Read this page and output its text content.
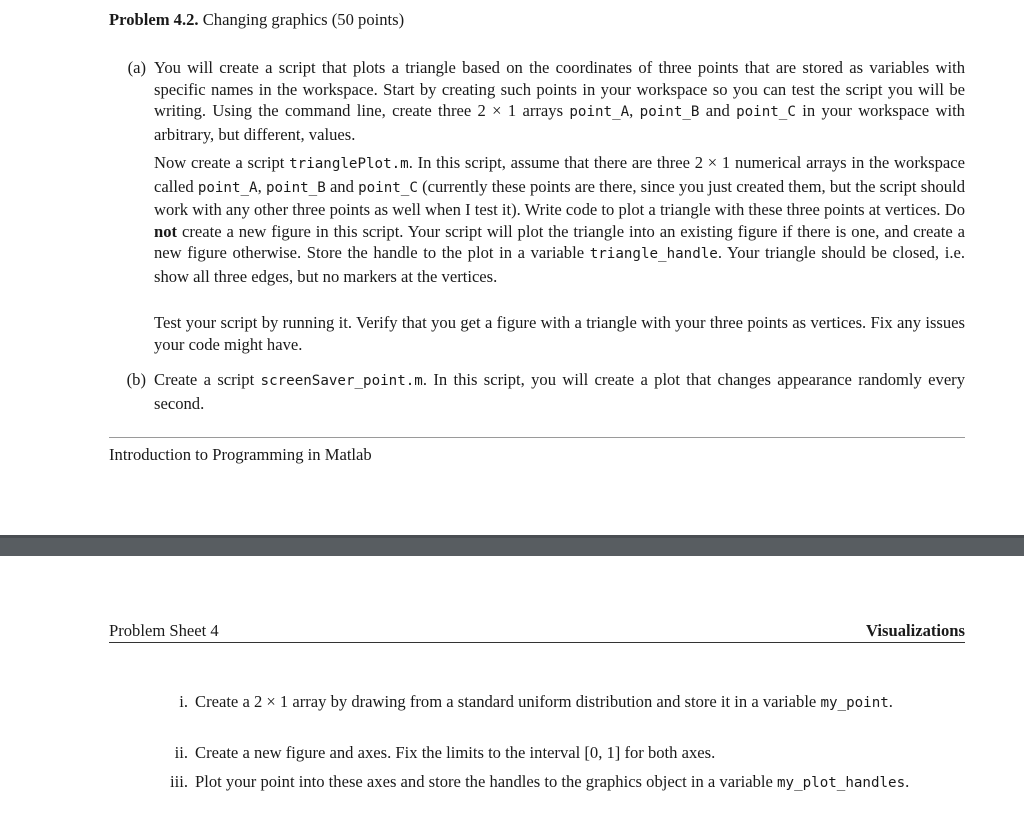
Problem 4.2. Changing graphics (50 points)
(a) You will create a script that plots a triangle based on the coordinates of three points that are stored as variables with specific names in the workspace. Start by creating such points in your workspace so you can test the script you will be writing. Using the command line, create three 2 × 1 arrays point_A, point_B and point_C in your workspace with arbitrary, but different, values.

Now create a script trianglePlot.m. In this script, assume that there are three 2 × 1 numerical arrays in the workspace called point_A, point_B and point_C (currently these points are there, since you just created them, but the script should work with any other three points as well when I test it). Write code to plot a triangle with these three points at vertices. Do not create a new figure in this script. Your script will plot the triangle into an existing figure if there is one, and create a new figure otherwise. Store the handle to the plot in a variable triangle_handle. Your triangle should be closed, i.e. show all three edges, but no markers at the vertices.

Test your script by running it. Verify that you get a figure with a triangle with your three points as vertices. Fix any issues your code might have.

(b) Create a script screenSaver_point.m. In this script, you will create a plot that changes appearance randomly every second.

Introduction to Programming in Matlab
Problem Sheet 4	Visualizations
i. Create a 2 × 1 array by drawing from a standard uniform distribution and store it in a variable my_point.

ii. Create a new figure and axes. Fix the limits to the interval [0, 1] for both axes.

iii. Plot your point into these axes and store the handles to the graphics object in a variable my_plot_handles.
